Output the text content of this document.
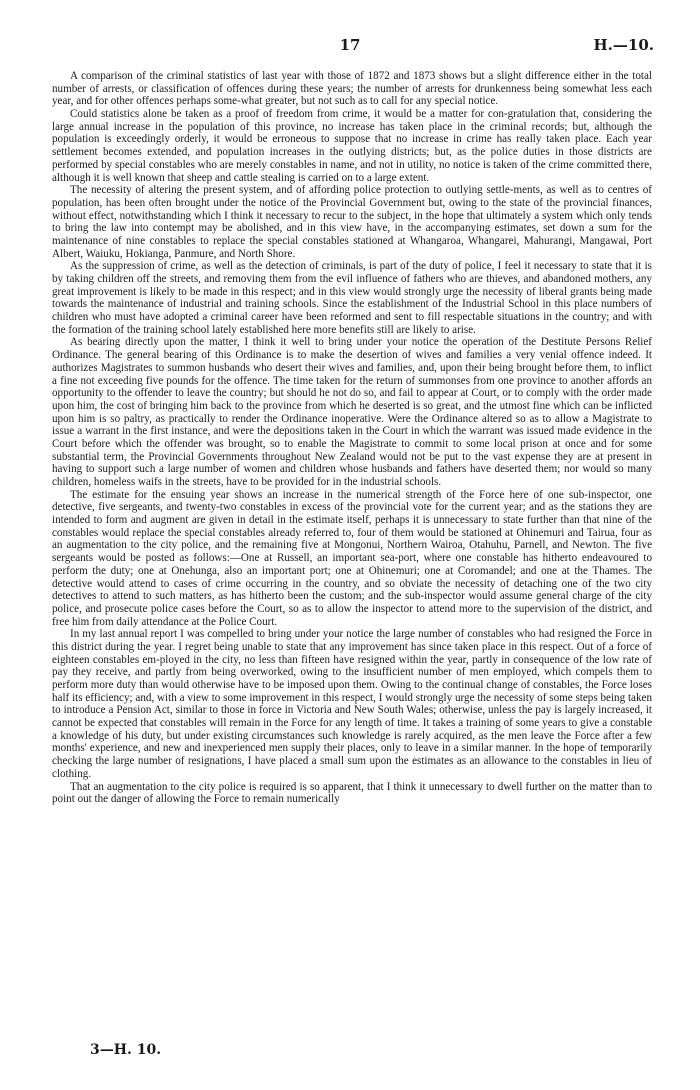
17	H.—10.

A comparison of the criminal statistics of last year with those of 1872 and 1873 shows but a slight difference either in the total number of arrests, or classification of offences during these years; the number of arrests for drunkenness being somewhat less each year, and for other offences perhaps some-what greater, but not such as to call for any special notice.

Could statistics alone be taken as a proof of freedom from crime, it would be a matter for con-gratulation that, considering the large annual increase in the population of this province, no increase has taken place in the criminal records; but, although the population is exceedingly orderly, it would be erroneous to suppose that no increase in crime has really taken place. Each year settlement becomes extended, and population increases in the outlying districts; but, as the police duties in those districts are performed by special constables who are merely constables in name, and not in utility, no notice is taken of the crime committed there, although it is well known that sheep and cattle stealing is carried on to a large extent.

The necessity of altering the present system, and of affording police protection to outlying settle-ments, as well as to centres of population, has been often brought under the notice of the Provincial Government but, owing to the state of the provincial finances, without effect, notwithstanding which I think it necessary to recur to the subject, in the hope that ultimately a system which only tends to bring the law into contempt may be abolished, and in this view have, in the accompanying estimates, set down a sum for the maintenance of nine constables to replace the special constables stationed at Whangaroa, Whangarei, Mahurangi, Mangawai, Port Albert, Waiuku, Hokianga, Panmure, and North Shore.

As the suppression of crime, as well as the detection of criminals, is part of the duty of police, I feel it necessary to state that it is by taking children off the streets, and removing them from the evil influence of fathers who are thieves, and abandoned mothers, any great improvement is likely to be made in this respect; and in this view would strongly urge the necessity of liberal grants being made towards the maintenance of industrial and training schools. Since the establishment of the Industrial School in this place numbers of children who must have adopted a criminal career have been reformed and sent to fill respectable situations in the country; and with the formation of the training school lately established here more benefits still are likely to arise.

As bearing directly upon the matter, I think it well to bring under your notice the operation of the Destitute Persons Relief Ordinance. The general bearing of this Ordinance is to make the desertion of wives and families a very venial offence indeed. It authorizes Magistrates to summon husbands who desert their wives and families, and, upon their being brought before them, to inflict a fine not exceeding five pounds for the offence. The time taken for the return of summonses from one province to another affords an opportunity to the offender to leave the country; but should he not do so, and fail to appear at Court, or to comply with the order made upon him, the cost of bringing him back to the province from which he deserted is so great, and the utmost fine which can be inflicted upon him is so paltry, as practically to render the Ordinance inoperative. Were the Ordinance altered so as to allow a Magistrate to issue a warrant in the first instance, and were the depositions taken in the Court in which the warrant was issued made evidence in the Court before which the offender was brought, so to enable the Magistrate to commit to some local prison at once and for some substantial term, the Provincial Governments throughout New Zealand would not be put to the vast expense they are at present in having to support such a large number of women and children whose husbands and fathers have deserted them; nor would so many children, homeless waifs in the streets, have to be provided for in the industrial schools.

The estimate for the ensuing year shows an increase in the numerical strength of the Force here of one sub-inspector, one detective, five sergeants, and twenty-two constables in excess of the provincial vote for the current year; and as the stations they are intended to form and augment are given in detail in the estimate itself, perhaps it is unnecessary to state further than that nine of the constables would replace the special constables already referred to, four of them would be stationed at Ohinemuri and Tairua, four as an augmentation to the city police, and the remaining five at Mongonui, Northern Wairoa, Otahuhu, Parnell, and Newton. The five sergeants would be posted as follows:—One at Russell, an important sea-port, where one constable has hitherto endeavoured to perform the duty; one at Onehunga, also an important port; one at Ohinemuri; one at Coromandel; and one at the Thames. The detective would attend to cases of crime occurring in the country, and so obviate the necessity of detaching one of the two city detectives to attend to such matters, as has hitherto been the custom; and the sub-inspector would assume general charge of the city police, and prosecute police cases before the Court, so as to allow the inspector to attend more to the supervision of the district, and free him from daily attendance at the Police Court.

In my last annual report I was compelled to bring under your notice the large number of constables who had resigned the Force in this district during the year. I regret being unable to state that any improvement has since taken place in this respect. Out of a force of eighteen constables em-ployed in the city, no less than fifteen have resigned within the year, partly in consequence of the low rate of pay they receive, and partly from being overworked, owing to the insufficient number of men employed, which compels them to perform more duty than would otherwise have to be imposed upon them. Owing to the continual change of constables, the Force loses half its efficiency; and, with a view to some improvement in this respect, I would strongly urge the necessity of some steps being taken to introduce a Pension Act, similar to those in force in Victoria and New South Wales; otherwise, unless the pay is largely increased, it cannot be expected that constables will remain in the Force for any length of time. It takes a training of some years to give a constable a knowledge of his duty, but under existing circumstances such knowledge is rarely acquired, as the men leave the Force after a few months' experience, and new and inexperienced men supply their places, only to leave in a similar manner. In the hope of temporarily checking the large number of resignations, I have placed a small sum upon the estimates as an allowance to the constables in lieu of clothing.

That an augmentation to the city police is required is so apparent, that I think it unnecessary to dwell further on the matter than to point out the danger of allowing the Force to remain numerically

3—H. 10.
